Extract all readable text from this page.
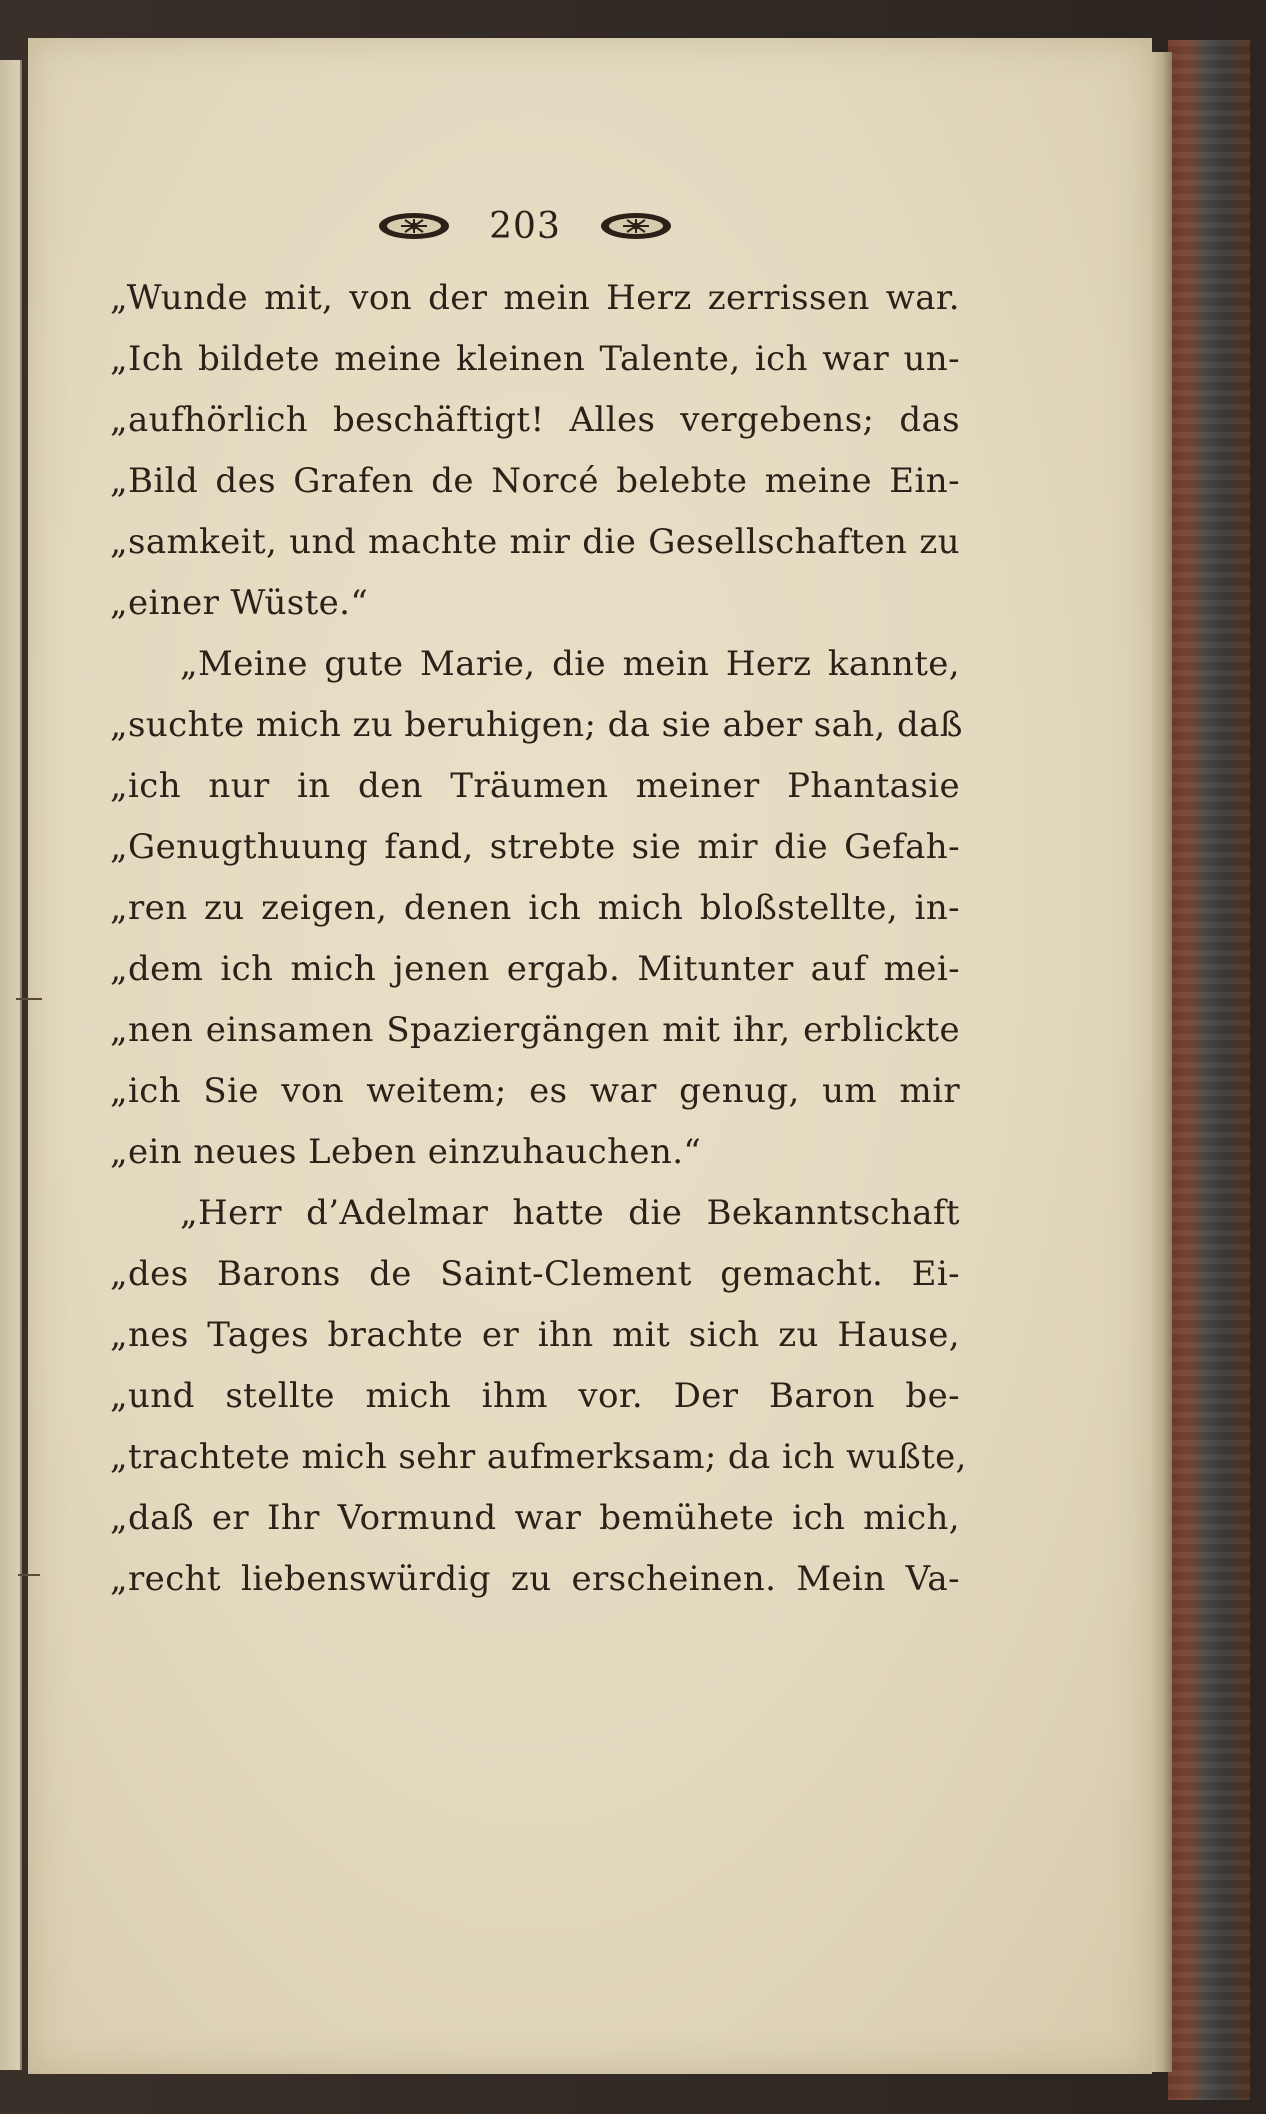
203
„Wunde mit, von der mein Herz zerrissen war.
„Ich bildete meine kleinen Talente, ich war un-
„aufhörlich beschäftigt! Alles vergebens; das
„Bild des Grafen de Norcé belebte meine Ein-
„samkeit, und machte mir die Gesellschaften zu
„einer Wüste.“
„Meine gute Marie, die mein Herz kannte,
„suchte mich zu beruhigen; da sie aber sah, daß
„ich nur in den Träumen meiner Phantasie
„Genugthuung fand, strebte sie mir die Gefah-
„ren zu zeigen, denen ich mich bloßstellte, in-
„dem ich mich jenen ergab. Mitunter auf mei-
„nen einsamen Spaziergängen mit ihr, erblickte
„ich Sie von weitem; es war genug, um mir
„ein neues Leben einzuhauchen.“
„Herr d’Adelmar hatte die Bekanntschaft
„des Barons de Saint-Clement gemacht. Ei-
„nes Tages brachte er ihn mit sich zu Hause,
„und stellte mich ihm vor. Der Baron be-
„trachtete mich sehr aufmerksam; da ich wußte,
„daß er Ihr Vormund war bemühete ich mich,
„recht liebenswürdig zu erscheinen. Mein Va-
